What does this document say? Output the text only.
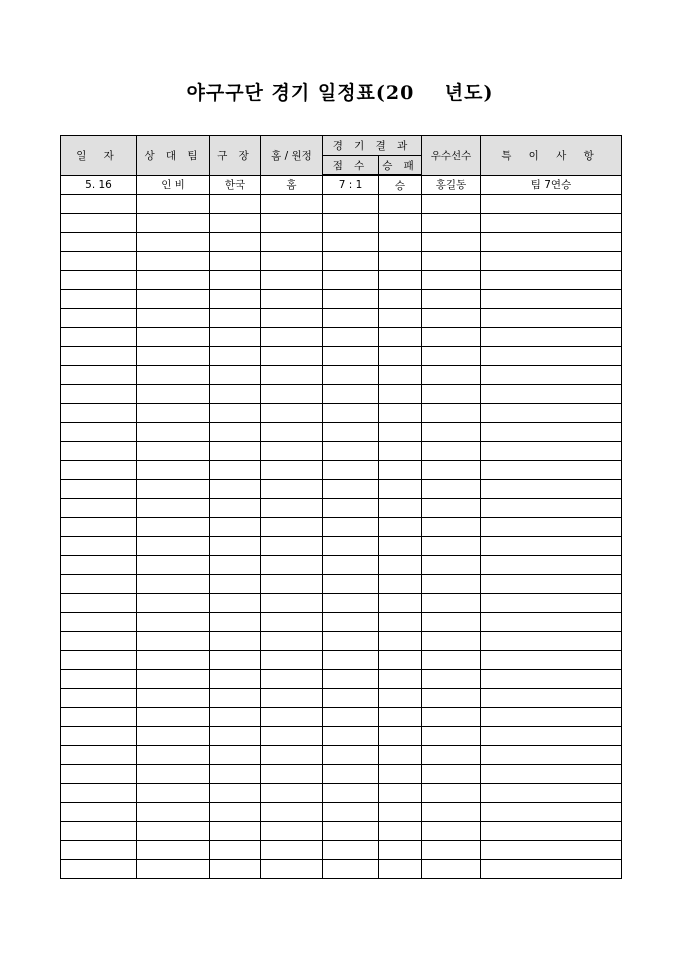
야구구단 경기 일정표(20    년도)
일 자	상 대 팀	구 장	홈 / 원정	경 기 결 과		우수선수	특 이 사 항
				점 수	승 패		
5. 16	인 비	한국	홈	7 : 1	승	홍길동	팀 7연승
